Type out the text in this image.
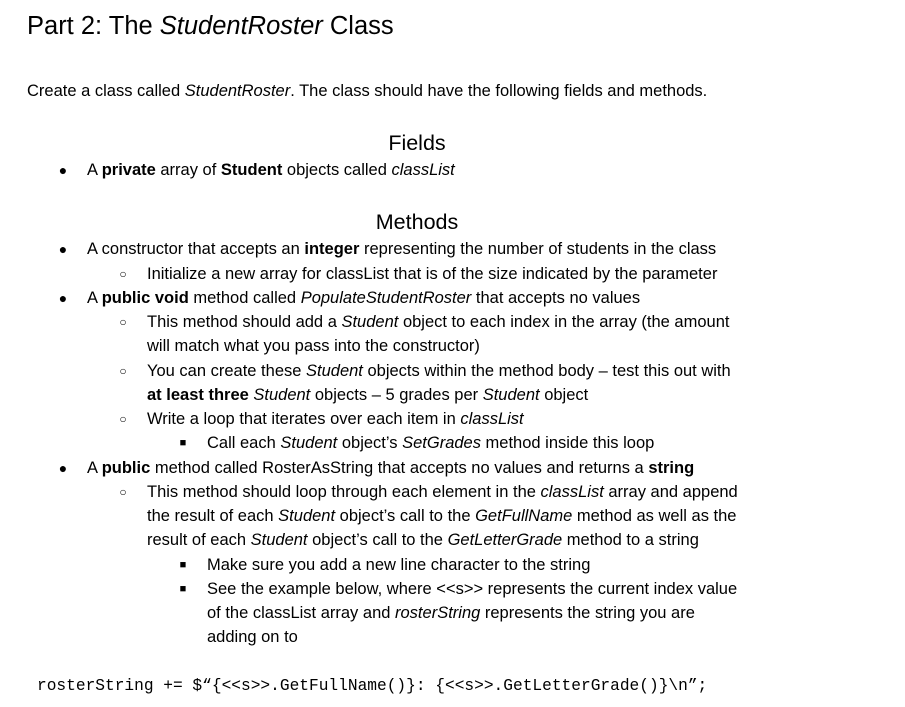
Part 2: The StudentRoster Class
Create a class called StudentRoster. The class should have the following fields and methods.
Fields
● A private array of Student objects called classList
Methods
● A constructor that accepts an integer representing the number of students in the class
○ Initialize a new array for classList that is of the size indicated by the parameter
● A public void method called PopulateStudentRoster that accepts no values
○ This method should add a Student object to each index in the array (the amount
will match what you pass into the constructor)
○ You can create these Student objects within the method body – test this out with
at least three Student objects – 5 grades per Student object
○ Write a loop that iterates over each item in classList
■ Call each Student object’s SetGrades method inside this loop
● A public method called RosterAsString that accepts no values and returns a string
○ This method should loop through each element in the classList array and append
the result of each Student object’s call to the GetFullName method as well as the
result of each Student object’s call to the GetLetterGrade method to a string
■ Make sure you add a new line character to the string
■ See the example below, where <<s>> represents the current index value
of the classList array and rosterString represents the string you are
adding on to
rosterString += $“{<<s>>.GetFullName()}: {<<s>>.GetLetterGrade()}\n”;
